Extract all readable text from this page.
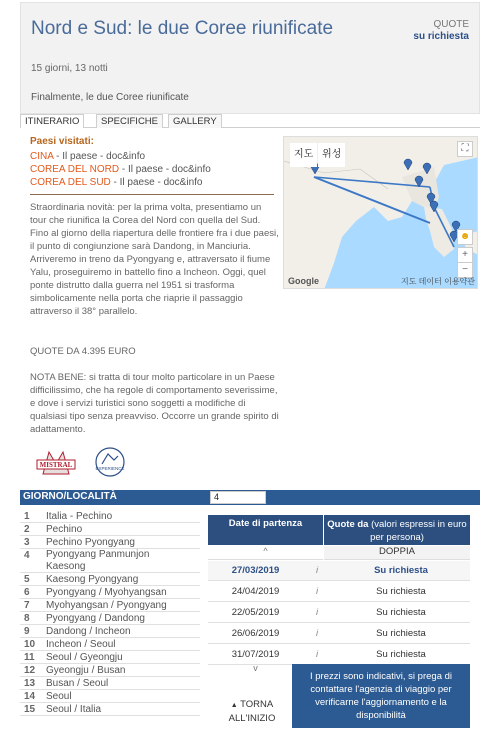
Nord e Sud: le due Coree riunificate
15 giorni, 13 notti
Finalmente, le due Coree riunificate
QUOTE
su richiesta
ITINERARIO	SPECIFICHE	GALLERY
Paesi visitati:
CINA - Il paese - doc&info
COREA DEL NORD - Il paese - doc&info
COREA DEL SUD - Il paese - doc&info
Straordinaria novità: per la prima volta, presentiamo un tour che riunifica la Corea del Nord con quella del Sud. Fino al giorno della riapertura delle frontiere fra i due paesi, il punto di congiunzione sarà Dandong, in Manciuria. Arriveremo in treno da Pyongyang e, attraversato il fiume Yalu, proseguiremo in battello fino a Incheon. Oggi, quel ponte distrutto dalla guerra nel 1951 si trasforma simbolicamente nella porta che riaprie il passaggio attraverso il 38° parallelo.
QUOTE DA 4.395 EURO
NOTA BENE: si tratta di tour molto particolare in un Paese difficilissimo, che ha regole di comportamento severissime, e dove i servizi turistici sono soggetti a modifiche di qualsiasi tipo senza preavviso. Occorre un grande spirito di adattamento.
지도 위성
⛶
☻
+
−
Google	지도 데이터 이용약관
MISTRAL	EXPERIENCE
GIORNO/LOCALITÀ	4
1	Italia - Pechino
2	Pechino
3	Pechino Pyongyang
4	Pyongyang Panmunjon Kaesong
5	Kaesong Pyongyang
6	Pyongyang / Myohyangsan
7	Myohyangsan / Pyongyang
8	Pyongyang / Dandong
9	Dandong / Incheon
10	Incheon / Seoul
11	Seoul / Gyeongju
12	Gyeongju / Busan
13	Busan / Seoul
14	Seoul
15	Seoul / Italia
Date di partenza	Quote da (valori espressi in euro per persona)
^	DOPPIA
27/03/2019	i	Su richiesta
24/04/2019	i	Su richiesta
22/05/2019	i	Su richiesta
26/06/2019	i	Su richiesta
31/07/2019	i	Su richiesta
v
I prezzi sono indicativi, si prega di contattare l'agenzia di viaggio per verificarne l'aggiornamento e la disponibilità
▲ TORNA
ALL'INIZIO
